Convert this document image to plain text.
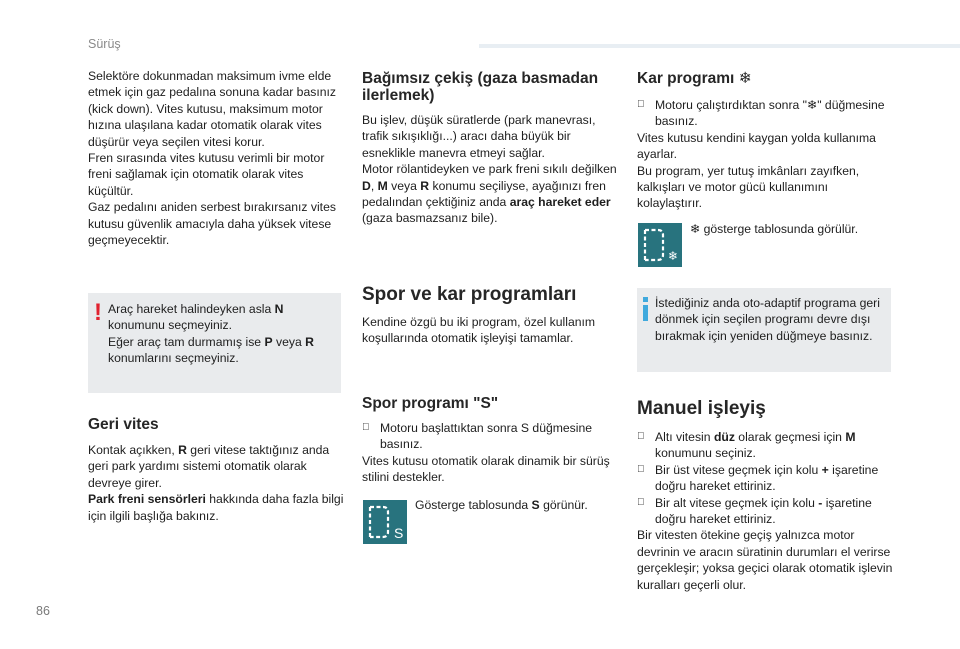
Sürüş

Selektöre dokunmadan maksimum ivme elde etmek için gaz pedalına sonuna kadar basınız (kick down). Vites kutusu, maksimum motor hızına ulaşılana kadar otomatik olarak vites düşürür veya seçilen vitesi korur.

Fren sırasında vites kutusu verimli bir motor freni sağlamak için otomatik olarak vites küçültür.

Gaz pedalını aniden serbest bırakırsanız vites kutusu güvenlik amacıyla daha yüksek vitese geçmeyecektir.

! Araç hareket halindeyken asla N konumunu seçmeyiniz.

Eğer araç tam durmamış ise P veya R konumlarını seçmeyiniz.

Geri vites

Kontak açıkken, R geri vitese taktığınız anda geri park yardımı sistemi otomatik olarak devreye girer.

Park freni sensörleri hakkında daha fazla bilgi için ilgili başlığa bakınız.

Bağımsız çekiş (gaza basmadan ilerlemek)

Bu işlev, düşük süratlerde (park manevrası, trafik sıkışıklığı...) aracı daha büyük bir esneklikle manevra etmeyi sağlar.

Motor rölantideyken ve park freni sıkılı değilken D, M veya R konumu seçiliyse, ayağınızı fren pedalından çektiğiniz anda araç hareket eder (gaza basmazsanız bile).

Spor ve kar programları

Kendine özgü bu iki program, özel kullanım koşullarında otomatik işleyişi tamamlar.

Spor programı "S"

Motoru başlattıktan sonra S düğmesine basınız.

Vites kutusu otomatik olarak dinamik bir sürüş stilini destekler.

S
Gösterge tablosunda S görünür.
Kar programı ❄

Motoru çalıştırdıktan sonra "❄" düğmesine basınız.

Vites kutusu kendini kaygan yolda kullanıma ayarlar.

Bu program, yer tutuş imkânları zayıfken, kalkışları ve motor gücü kullanımını kolaylaştırır.

❄
❄ gösterge tablosunda görülür.
İstediğiniz anda oto-adaptif programa geri dönmek için seçilen programı devre dışı bırakmak için yeniden düğmeye basınız.
Manuel işleyiş

Altı vitesin düz olarak geçmesi için M konumunu seçiniz.

Bir üst vitese geçmek için kolu + işaretine doğru hareket ettiriniz.

Bir alt vitese geçmek için kolu - işaretine doğru hareket ettiriniz.

Bir vitesten ötekine geçiş yalnızca motor devrinin ve aracın süratinin durumları el verirse gerçekleşir; yoksa geçici olarak otomatik işlevin kuralları geçerli olur.

86
